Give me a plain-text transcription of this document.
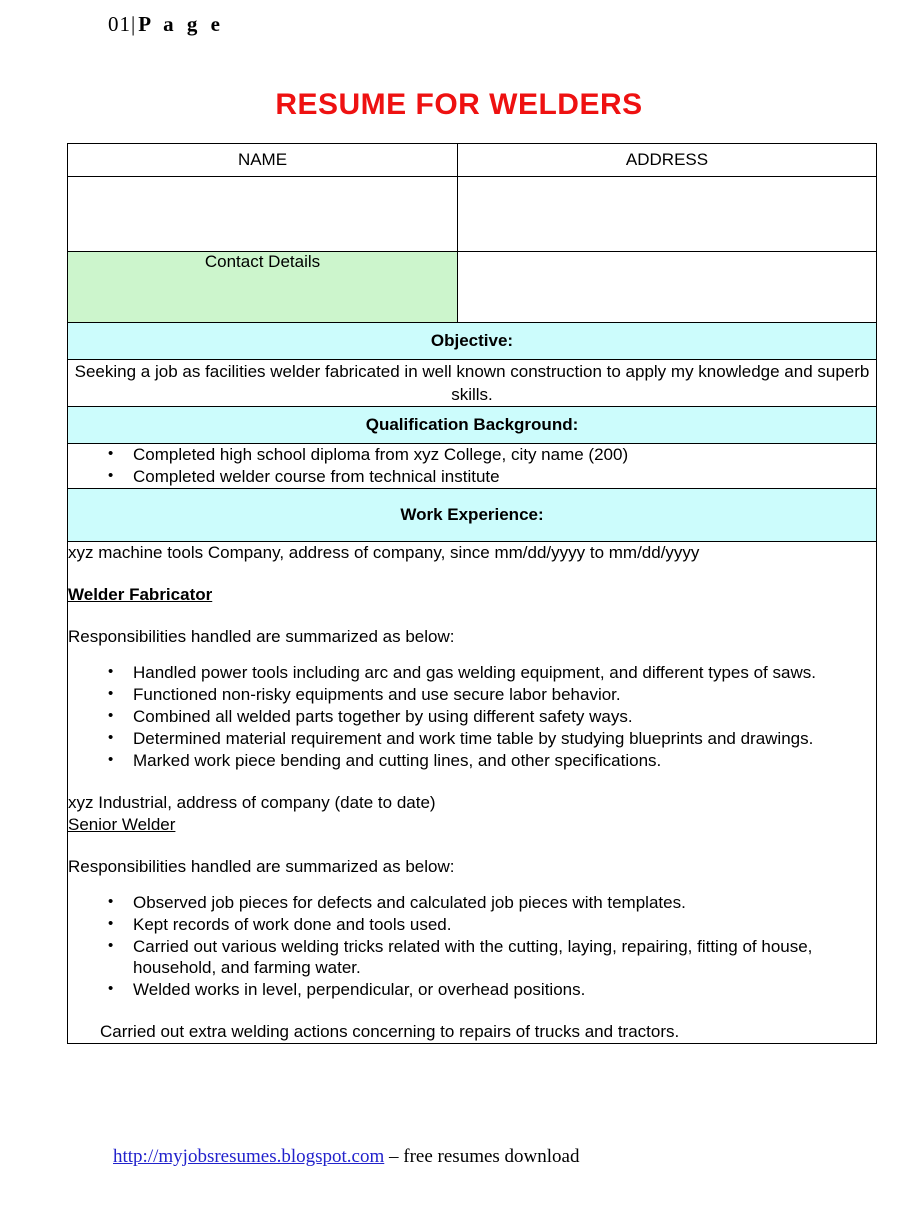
01|P a g e
RESUME FOR WELDERS
NAME	ADDRESS

Contact Details	
Objective:	
Seeking a job as facilities welder fabricated in well known construction to apply my knowledge and superb skills.	
Qualification Background:	

• Completed high school diploma from xyz College, city name (200)
• Completed welder course from technical institute

Work Experience:	

xyz machine tools Company, address of company, since mm/dd/yyyy to mm/dd/yyyy

Welder Fabricator

Responsibilities handled are summarized as below:

• Handled power tools including arc and gas welding equipment, and different types of saws.
• Functioned non-risky equipments and use secure labor behavior.
• Combined all welded parts together by using different safety ways.
• Determined material requirement and work time table by studying blueprints and drawings.
• Marked work piece bending and cutting lines, and other specifications.

xyz Industrial, address of company (date to date)

Senior Welder

Responsibilities handled are summarized as below:

• Observed job pieces for defects and calculated job pieces with templates.
• Kept records of work done and tools used.
• Carried out various welding tricks related with the cutting, laying, repairing, fitting of house, household, and farming water.
• Welded works in level, perpendicular, or overhead positions.

Carried out extra welding actions concerning to repairs of trucks and tractors.

http://myjobsresumes.blogspot.com – free resumes download
